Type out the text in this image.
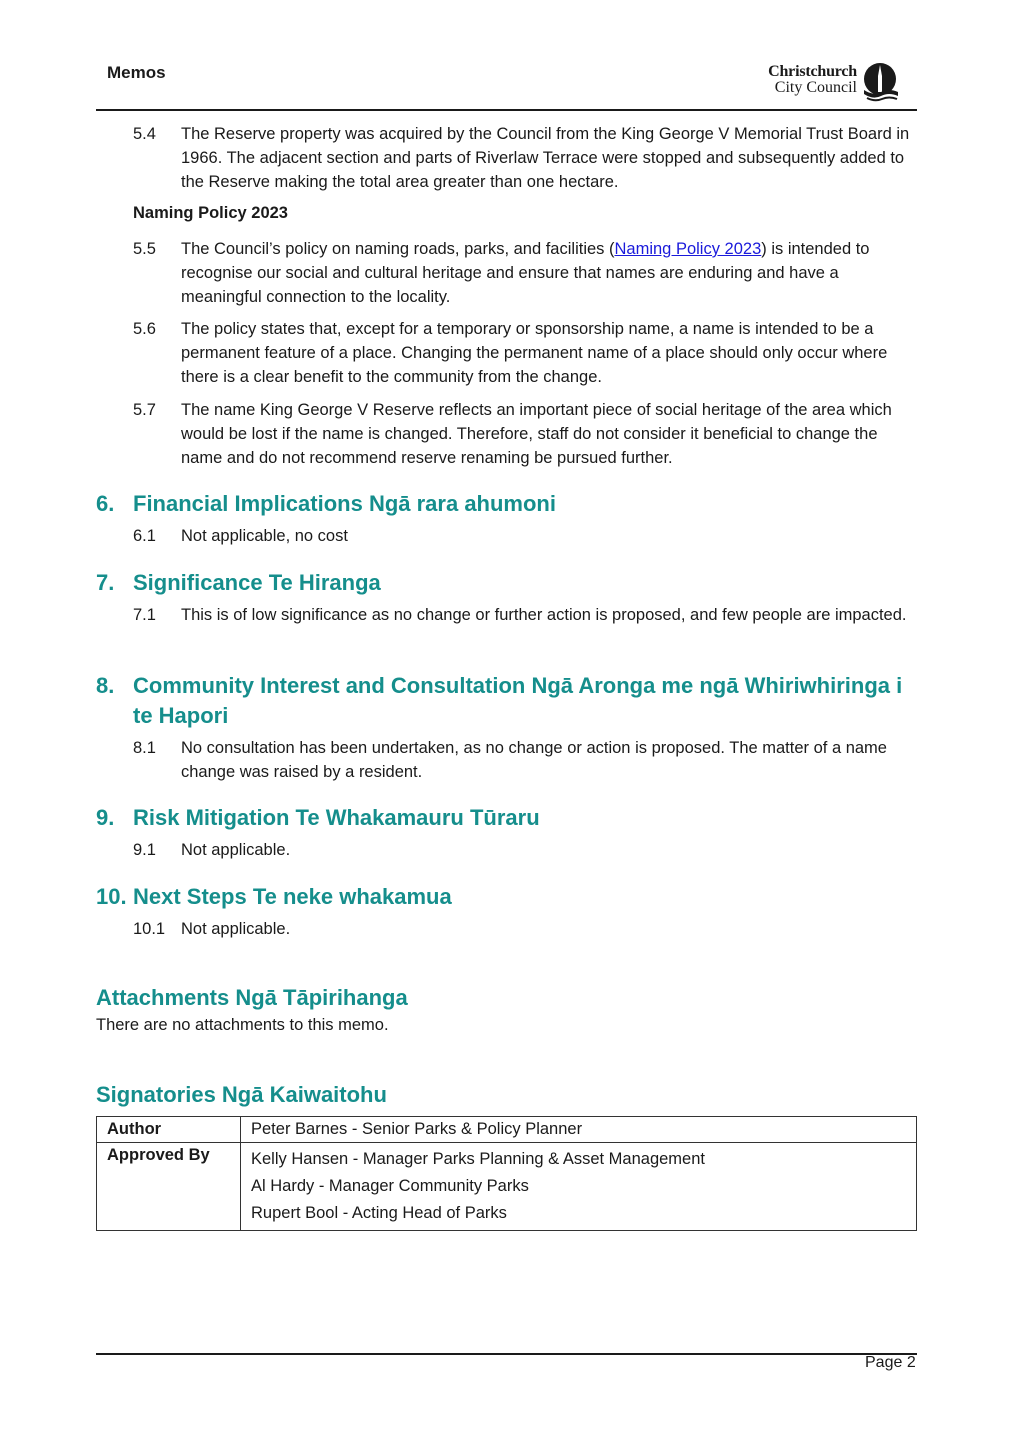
Memos	Christchurch
City Council
5.4	The Reserve property was acquired by the Council from the King George V Memorial Trust Board in 1966. The adjacent section and parts of Riverlaw Terrace were stopped and subsequently added to the Reserve making the total area greater than one hectare.
Naming Policy 2023
5.5	The Council’s policy on naming roads, parks, and facilities (Naming Policy 2023) is intended to recognise our social and cultural heritage and ensure that names are enduring and have a meaningful connection to the locality.
5.6	The policy states that, except for a temporary or sponsorship name, a name is intended to be a permanent feature of a place. Changing the permanent name of a place should only occur where there is a clear benefit to the community from the change.
5.7	The name King George V Reserve reflects an important piece of social heritage of the area which would be lost if the name is changed. Therefore, staff do not consider it beneficial to change the name and do not recommend reserve renaming be pursued further.
6. Financial Implications Ngā rara ahumoni
6.1	Not applicable, no cost
7. Significance Te Hiranga
7.1	This is of low significance as no change or further action is proposed, and few people are impacted.
8. Community Interest and Consultation Ngā Aronga me ngā Whiriwhiringa i te Hapori
8.1	No consultation has been undertaken, as no change or action is proposed. The matter of a name change was raised by a resident.
9. Risk Mitigation Te Whakamauru Tūraru
9.1	Not applicable.
10. Next Steps Te neke whakamua
10.1 Not applicable.
Attachments Ngā Tāpirihanga
There are no attachments to this memo.
Signatories Ngā Kaiwaitohu
Author	Peter Barnes - Senior Parks & Policy Planner
Approved By	Kelly Hansen - Manager Parks Planning & Asset Management
Al Hardy - Manager Community Parks
Rupert Bool - Acting Head of Parks
Page 2
